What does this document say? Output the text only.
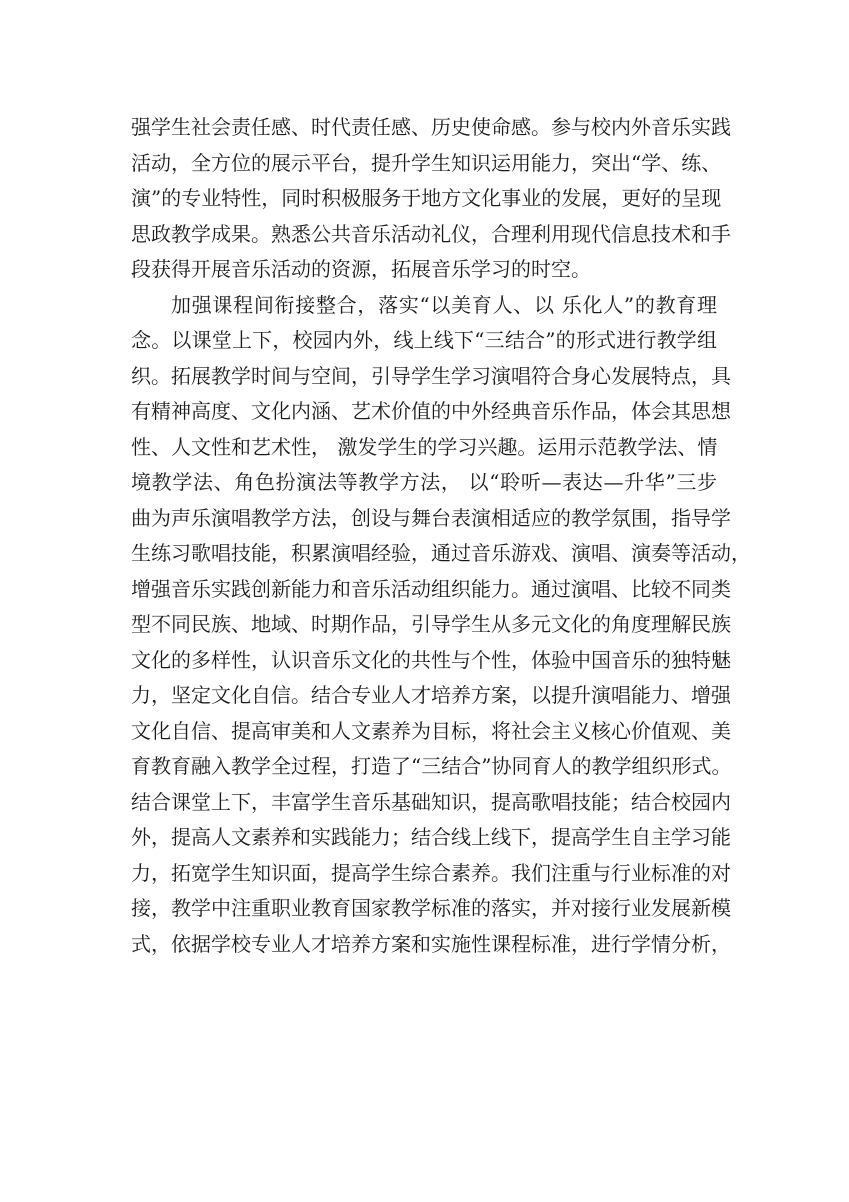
强学生社会责任感、时代责任感、历史使命感。参与校内外音乐实践
活动，全方位的展示平台，提升学生知识运用能力，突出“学、练、
演”的专业特性，同时积极服务于地方文化事业的发展，更好的呈现
思政教学成果。熟悉公共音乐活动礼仪，合理利用现代信息技术和手
段获得开展音乐活动的资源，拓展音乐学习的时空。
加强课程间衔接整合，落实“以美育人、以 乐化人”的教育理
念。以课堂上下，校园内外，线上线下“三结合”的形式进行教学组
织。拓展教学时间与空间，引导学生学习演唱符合身心发展特点，具
有精神高度、文化内涵、艺术价值的中外经典音乐作品，体会其思想
性、人文性和艺术性， 激发学生的学习兴趣。运用示范教学法、情
境教学法、角色扮演法等教学方法， 以“聆听—表达—升华”三步
曲为声乐演唱教学方法，创设与舞台表演相适应的教学氛围，指导学
生练习歌唱技能，积累演唱经验，通过音乐游戏、演唱、演奏等活动，
增强音乐实践创新能力和音乐活动组织能力。通过演唱、比较不同类
型不同民族、地域、时期作品，引导学生从多元文化的角度理解民族
文化的多样性，认识音乐文化的共性与个性，体验中国音乐的独特魅
力，坚定文化自信。结合专业人才培养方案，以提升演唱能力、增强
文化自信、提高审美和人文素养为目标，将社会主义核心价值观、美
育教育融入教学全过程，打造了“三结合”协同育人的教学组织形式。
结合课堂上下，丰富学生音乐基础知识，提高歌唱技能；结合校园内
外，提高人文素养和实践能力；结合线上线下，提高学生自主学习能
力，拓宽学生知识面，提高学生综合素养。我们注重与行业标准的对
接，教学中注重职业教育国家教学标准的落实，并对接行业发展新模
式，依据学校专业人才培养方案和实施性课程标准，进行学情分析，
